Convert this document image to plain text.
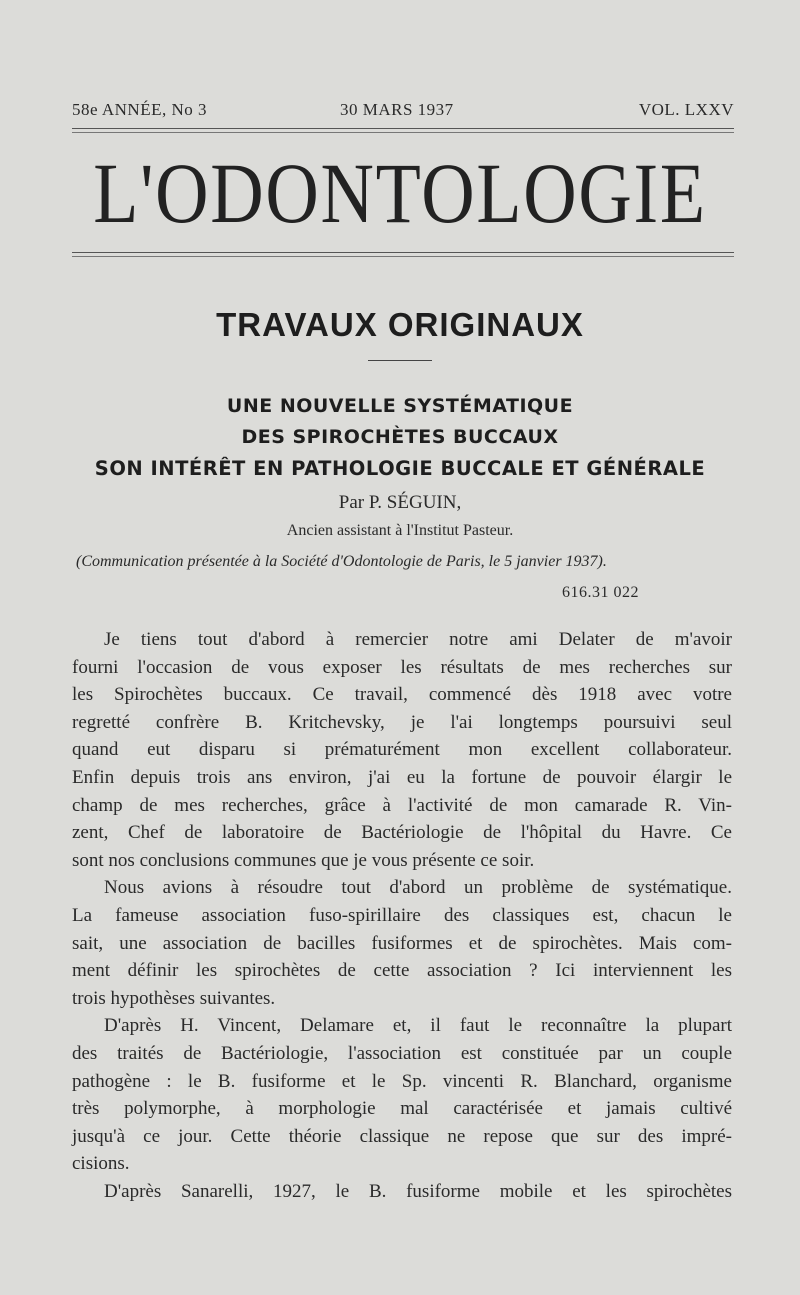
58e ANNÉE, No 3	30 MARS 1937	VOL. LXXV
L'ODONTOLOGIE
TRAVAUX ORIGINAUX
UNE NOUVELLE SYSTÉMATIQUE
DES SPIROCHÈTES BUCCAUX
SON INTÉRÊT EN PATHOLOGIE BUCCALE ET GÉNÉRALE
Par P. SÉGUIN,
Ancien assistant à l'Institut Pasteur.
(Communication présentée à la Société d'Odontologie de Paris, le 5 janvier 1937).
616.31 022
Je tiens tout d'abord à remercier notre ami Delater de m'avoir
fourni l'occasion de vous exposer les résultats de mes recherches sur
les Spirochètes buccaux. Ce travail, commencé dès 1918 avec votre
regretté confrère B. Kritchevsky, je l'ai longtemps poursuivi seul
quand eut disparu si prématurément mon excellent collaborateur.
Enfin depuis trois ans environ, j'ai eu la fortune de pouvoir élargir le
champ de mes recherches, grâce à l'activité de mon camarade R. Vin-
zent, Chef de laboratoire de Bactériologie de l'hôpital du Havre. Ce
sont nos conclusions communes que je vous présente ce soir.
Nous avions à résoudre tout d'abord un problème de systématique.
La fameuse association fuso-spirillaire des classiques est, chacun le
sait, une association de bacilles fusiformes et de spirochètes. Mais com-
ment définir les spirochètes de cette association ? Ici interviennent les
trois hypothèses suivantes.
D'après H. Vincent, Delamare et, il faut le reconnaître la plupart
des traités de Bactériologie, l'association est constituée par un couple
pathogène : le B. fusiforme et le Sp. vincenti R. Blanchard, organisme
très polymorphe, à morphologie mal caractérisée et jamais cultivé
jusqu'à ce jour. Cette théorie classique ne repose que sur des impré-
cisions.
D'après Sanarelli, 1927, le B. fusiforme mobile et les spirochètes
